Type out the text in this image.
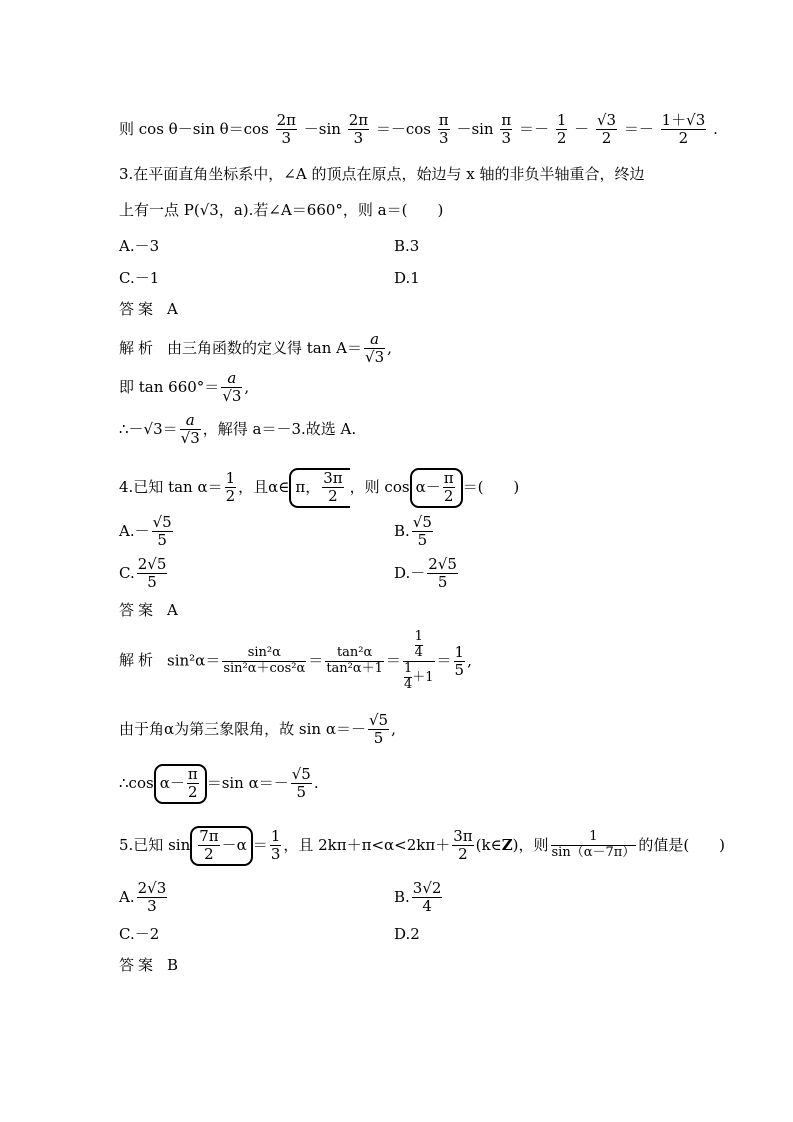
则 cos θ－sin $\theta=\cos \frac{2\pi}{3} -\sin \frac{2\pi}{3} =-\cos \frac{\pi}{3} -\sin \frac{\pi}{3} =- \frac{1}{2} - \frac{√3}{2} =- \frac{1+√3}{2}$ .
3.在平面直角坐标系中，∠A 的顶点在原点，始边与 x 轴的非负半轴重合，终边
上有一点 P(√3，a).若∠A＝660°，则 a＝(　　)
A.－3	B.3
C.－1	D.1
答案 A
解析 由三角函数的定义得 $\tan A= \frac{a}{√3}$ ,
即 $\tan 660^\circ= \frac{a}{√3}$ ,
∴－√3＝ $\frac{a}{√3}$ ，解得 a＝－3.故选 A.
4.已知 $\tan \alpha= \frac{1}{2}$ ，且α∈ π， $\frac{3\pi}{2}$ ，则 $\cos \alpha- \frac{\pi}{2}$ ＝(　　)
$A.- \frac{√5}{5}$	B. $\frac{√5}{5}$
C. $\frac{2√5}{5}$	$D.- \frac{2√5}{5}$
答案 A
解析 $\sin^2\alpha= \frac{\text{sin²α}}{\text{sin²α＋cos²α}} = \frac{\text{tan²α}}{\text{tan²α＋1}} = \frac{\frac{1}{4}}{\frac{1}{4} +1} = \frac{1}{5}$ ,
由于角α为第三象限角，故 $\sin \alpha=- \frac{√5}{5}$ ,
∴cos $\alpha- \frac{\pi}{2} =\sin$ $\alpha=- \frac{√5}{5}$ .
5.已知 $\sin \frac{7\pi}{2} -\alpha = \frac{1}{3}$ ，且 $2k\pi+\pi<\alpha<2k\pi+ \frac{3\pi}{2}$ (k∈Z)，则 $\frac{1}{\sin(\alpha-7\pi)}$ 的值是(　　)
A. $\frac{2√3}{3}$	B. $\frac{3√2}{4}$
C.－2	D.2
答案 B
